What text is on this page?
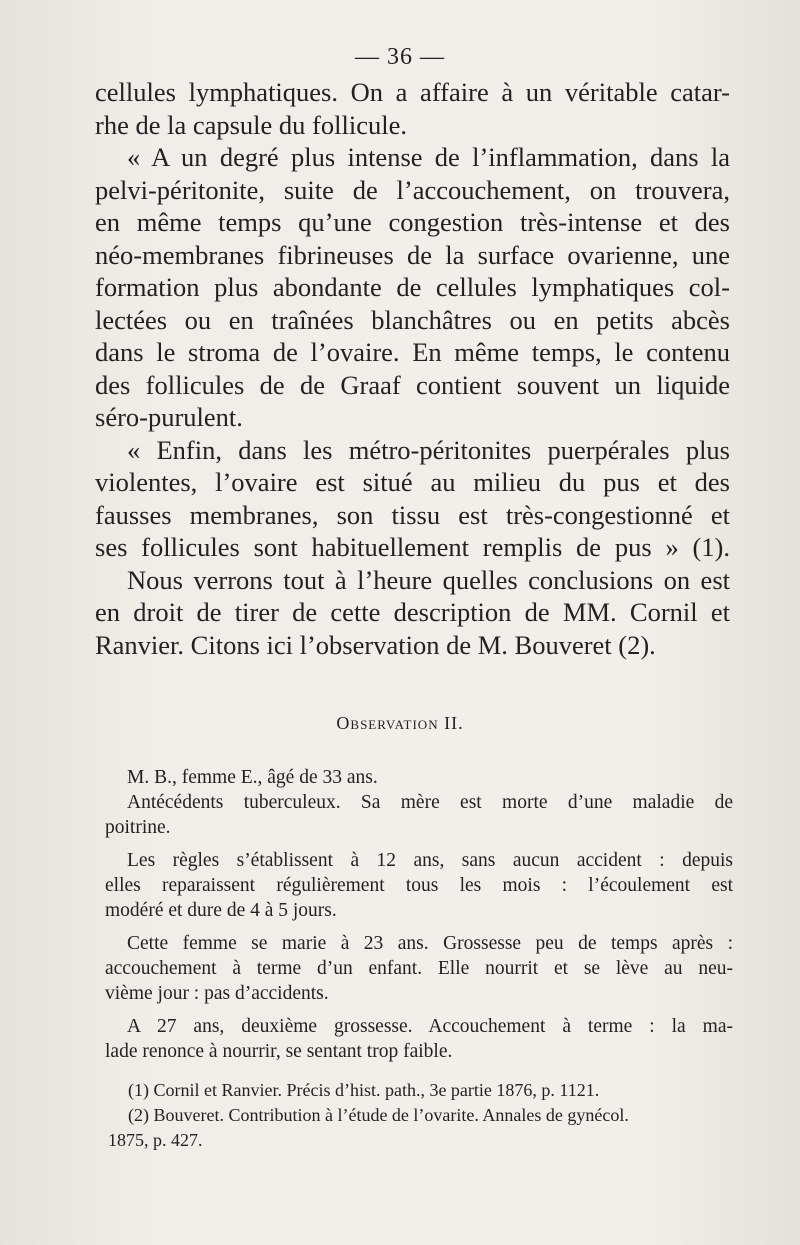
— 36 —
cellules lymphatiques. On a affaire à un véritable catar-
rhe de la capsule du follicule.
« A un degré plus intense de l’inflammation, dans la
pelvi-péritonite, suite de l’accouchement, on trouvera,
en même temps qu’une congestion très-intense et des
néo-membranes fibrineuses de la surface ovarienne, une
formation plus abondante de cellules lymphatiques col-
lectées ou en traînées blanchâtres ou en petits abcès
dans le stroma de l’ovaire. En même temps, le contenu
des follicules de de Graaf contient souvent un liquide
séro-purulent.
« Enfin, dans les métro-péritonites puerpérales plus
violentes, l’ovaire est situé au milieu du pus et des
fausses membranes, son tissu est très-congestionné et
ses follicules sont habituellement remplis de pus » (1).
Nous verrons tout à l’heure quelles conclusions on est
en droit de tirer de cette description de MM. Cornil et
Ranvier. Citons ici l’observation de M. Bouveret (2).
Observation II.
M. B., femme E., âgé de 33 ans.
Antécédents tuberculeux. Sa mère est morte d’une maladie de
poitrine.
Les règles s’établissent à 12 ans, sans aucun accident : depuis
elles reparaissent régulièrement tous les mois : l’écoulement est
modéré et dure de 4 à 5 jours.
Cette femme se marie à 23 ans. Grossesse peu de temps après :
accouchement à terme d’un enfant. Elle nourrit et se lève au neu-
vième jour : pas d’accidents.
A 27 ans, deuxième grossesse. Accouchement à terme : la ma-
lade renonce à nourrir, se sentant trop faible.
(1) Cornil et Ranvier. Précis d’hist. path., 3e partie 1876, p. 1121.
(2) Bouveret. Contribution à l’étude de l’ovarite. Annales de gynécol.
1875, p. 427.
